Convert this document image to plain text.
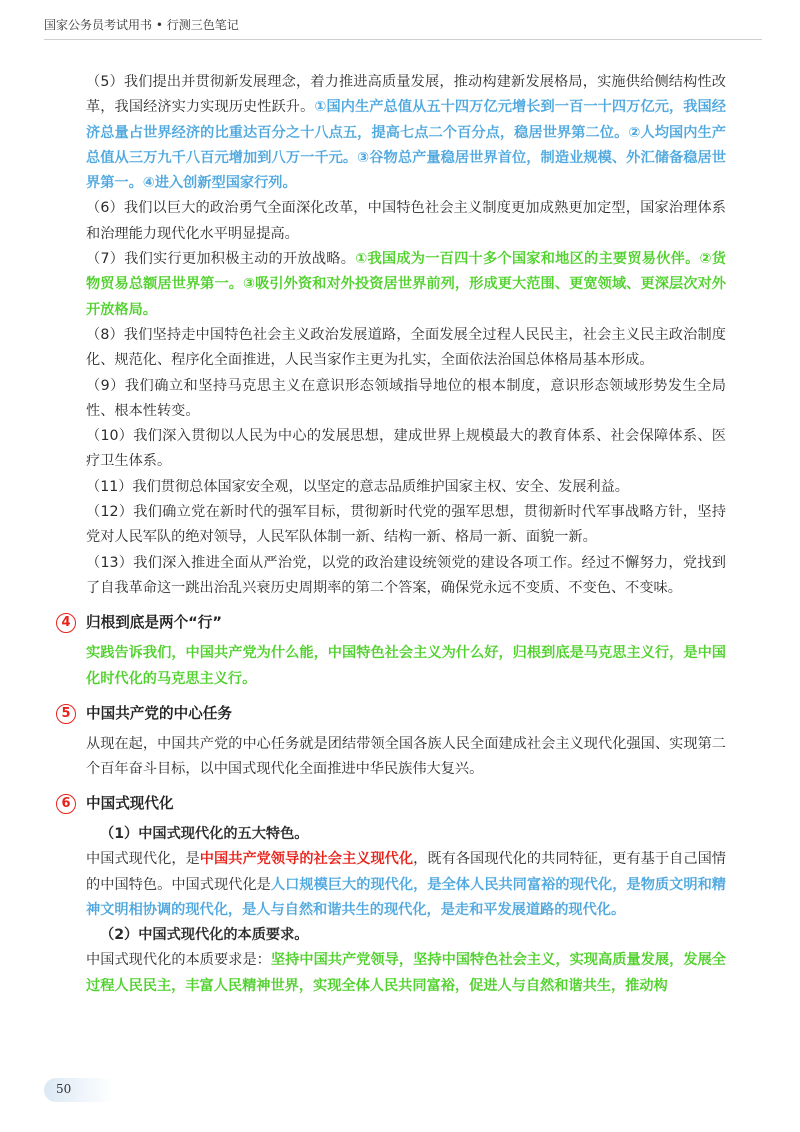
国家公务员考试用书 • 行测三色笔记

（5）我们提出并贯彻新发展理念，着力推进高质量发展，推动构建新发展格局，实施供给侧结构性改革，我国经济实力实现历史性跃升。①国内生产总值从五十四万亿元增长到一百一十四万亿元，我国经济总量占世界经济的比重达百分之十八点五，提高七点二个百分点，稳居世界第二位。②人均国内生产总值从三万九千八百元增加到八万一千元。③谷物总产量稳居世界首位，制造业规模、外汇储备稳居世界第一。④进入创新型国家行列。

（6）我们以巨大的政治勇气全面深化改革，中国特色社会主义制度更加成熟更加定型，国家治理体系和治理能力现代化水平明显提高。

（7）我们实行更加积极主动的开放战略。①我国成为一百四十多个国家和地区的主要贸易伙伴。②货物贸易总额居世界第一。③吸引外资和对外投资居世界前列，形成更大范围、更宽领域、更深层次对外开放格局。

（8）我们坚持走中国特色社会主义政治发展道路，全面发展全过程人民民主，社会主义民主政治制度化、规范化、程序化全面推进，人民当家作主更为扎实，全面依法治国总体格局基本形成。

（9）我们确立和坚持马克思主义在意识形态领域指导地位的根本制度，意识形态领域形势发生全局性、根本性转变。

（10）我们深入贯彻以人民为中心的发展思想，建成世界上规模最大的教育体系、社会保障体系、医疗卫生体系。

（11）我们贯彻总体国家安全观，以坚定的意志品质维护国家主权、安全、发展利益。

（12）我们确立党在新时代的强军目标，贯彻新时代党的强军思想，贯彻新时代军事战略方针，坚持党对人民军队的绝对领导，人民军队体制一新、结构一新、格局一新、面貌一新。

（13）我们深入推进全面从严治党，以党的政治建设统领党的建设各项工作。经过不懈努力，党找到了自我革命这一跳出治乱兴衰历史周期率的第二个答案，确保党永远不变质、不变色、不变味。

4	归根到底是两个“行”

实践告诉我们，中国共产党为什么能，中国特色社会主义为什么好，归根到底是马克思主义行，是中国化时代化的马克思主义行。

5	中国共产党的中心任务

从现在起，中国共产党的中心任务就是团结带领全国各族人民全面建成社会主义现代化强国、实现第二个百年奋斗目标，以中国式现代化全面推进中华民族伟大复兴。

6	中国式现代化
（1）中国式现代化的五大特色。

中国式现代化，是中国共产党领导的社会主义现代化，既有各国现代化的共同特征，更有基于自己国情的中国特色。中国式现代化是人口规模巨大的现代化，是全体人民共同富裕的现代化，是物质文明和精神文明相协调的现代化，是人与自然和谐共生的现代化，是走和平发展道路的现代化。

（2）中国式现代化的本质要求。

中国式现代化的本质要求是：坚持中国共产党领导，坚持中国特色社会主义，实现高质量发展，发展全过程人民民主，丰富人民精神世界，实现全体人民共同富裕，促进人与自然和谐共生，推动构

50
